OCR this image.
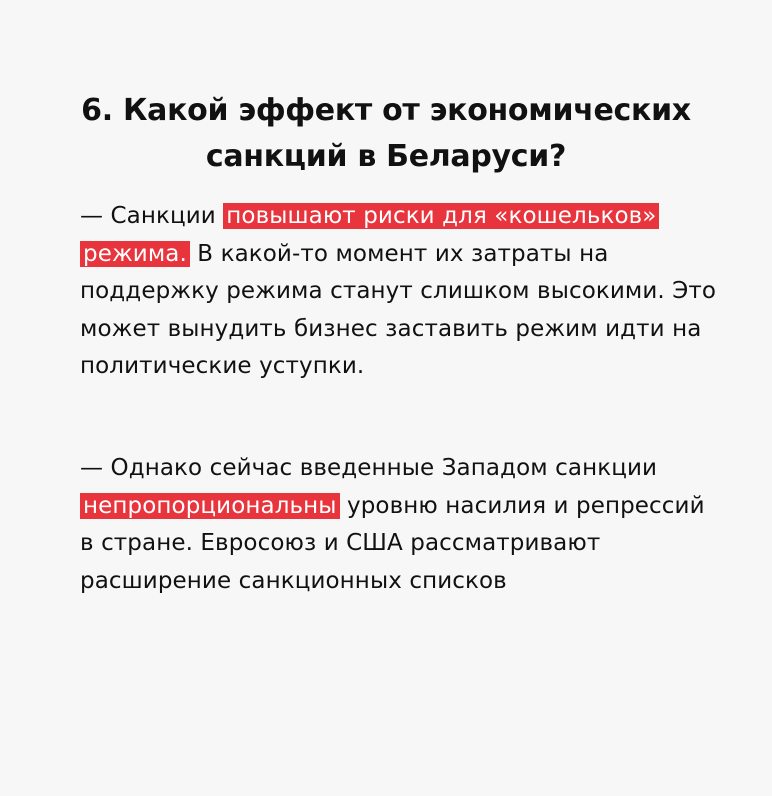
6. Какой эффект от экономических санкций в Беларуси?

— Санкции повышают риски для «кошельков» режима. В какой-то момент их затраты на поддержку режима станут слишком высокими. Это может вынудить бизнес заставить режим идти на политические уступки.

— Однако сейчас введенные Западом санкции непропорциональны уровню насилия и репрессий в стране. Евросоюз и США рассматривают расширение санкционных списков
